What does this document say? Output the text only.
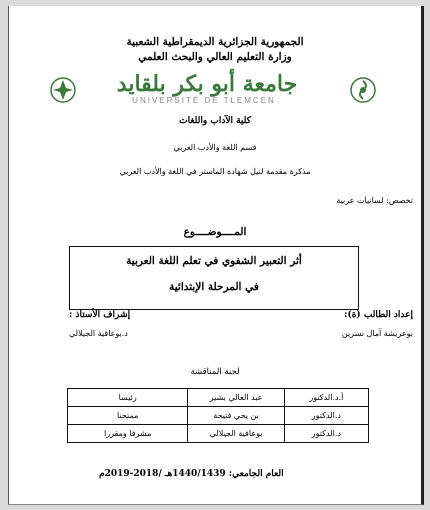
الجمهورية الجزائرية الديمقراطية الشعبية
وزارة التعليم العالي والبحث العلمي
جامعة أبو بكر بلقايد
UNIVERSITÉ DE TLEMCEN
كلية الآداب واللغات
قسم اللغة والأدب العربي
مذكرة مقدمة لنيل شهادة الماستر في اللغة والأدب العربي
تخصص: لسانيات عربية
المــــوضــــوع
أثر التعبير الشفوي في تعلم اللغة العربية
في المرحلة الإبتدائية
إعداد الطالب (ة):
إشراف الأستاذ :
بوعريشة آمال نسرين
د.بوعافية الجيلالي
لجنة المناقشة
أ.د.الدكتور	عبد العالي بشير	رئيسا
د.الدكتور	بن يحي فتيحة	ممتحنا
د.الدكتور	بوعافية الجيلالي	مشرفا ومقررا
العام الجامعي: 1440/1439هـ /2018-2019م
